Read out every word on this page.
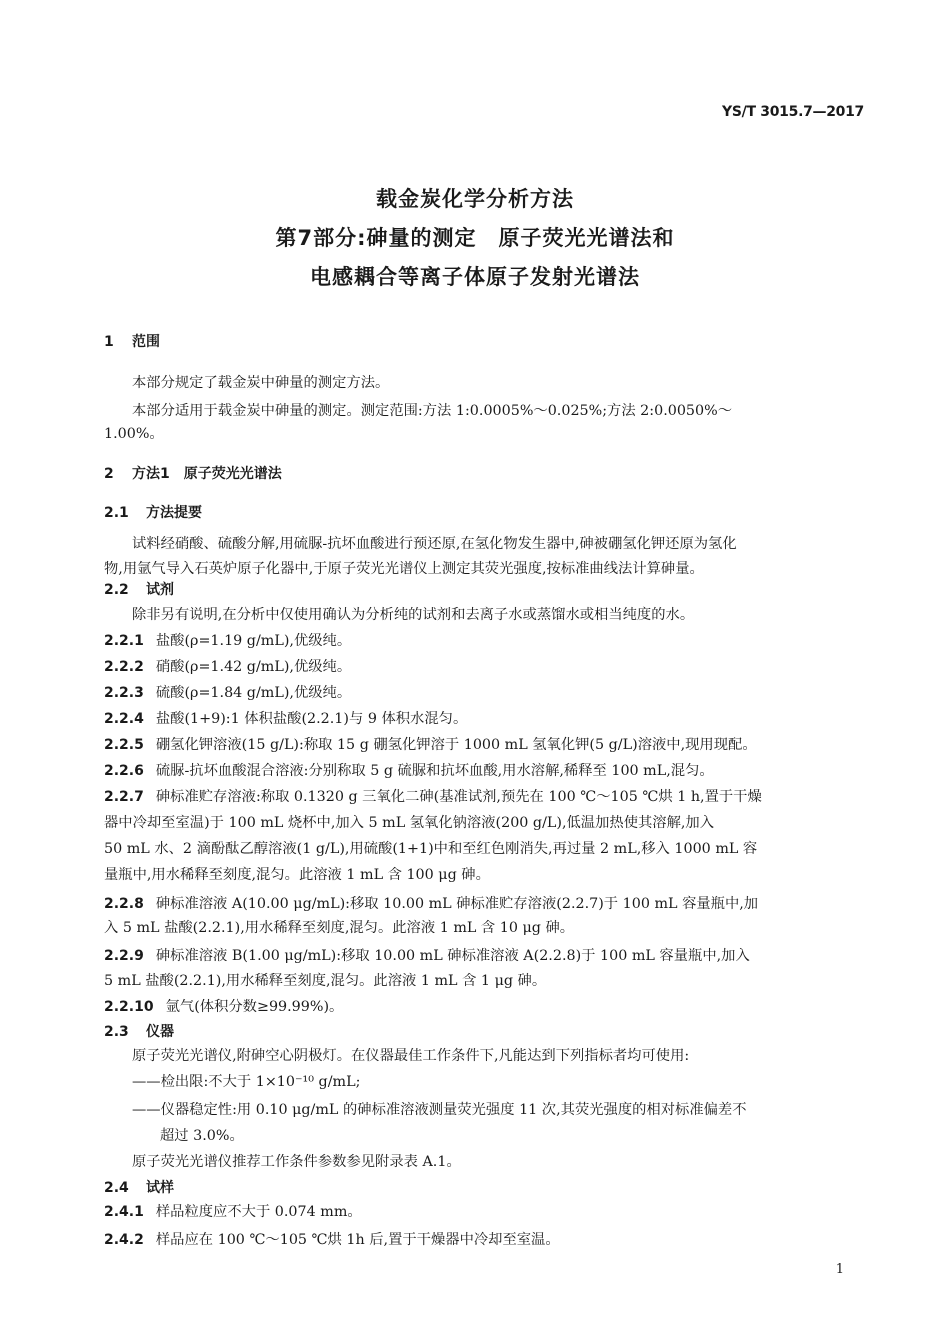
YS/T 3015.7—2017
载金炭化学分析方法
第7部分:砷量的测定　原子荧光光谱法和
电感耦合等离子体原子发射光谱法
1 范围
本部分规定了载金炭中砷量的测定方法。
本部分适用于载金炭中砷量的测定。测定范围:方法 1:0.0005%～0.025%;方法 2:0.0050%～
1.00%。
2 方法1　原子荧光光谱法
2.1 方法提要
试料经硝酸、硫酸分解,用硫脲-抗坏血酸进行预还原,在氢化物发生器中,砷被硼氢化钾还原为氢化
物,用氩气导入石英炉原子化器中,于原子荧光光谱仪上测定其荧光强度,按标准曲线法计算砷量。
2.2 试剂
除非另有说明,在分析中仅使用确认为分析纯的试剂和去离子水或蒸馏水或相当纯度的水。
2.2.1 盐酸(ρ=1.19 g/mL),优级纯。
2.2.2 硝酸(ρ=1.42 g/mL),优级纯。
2.2.3 硫酸(ρ=1.84 g/mL),优级纯。
2.2.4 盐酸(1+9):1 体积盐酸(2.2.1)与 9 体积水混匀。
2.2.5 硼氢化钾溶液(15 g/L):称取 15 g 硼氢化钾溶于 1000 mL 氢氧化钾(5 g/L)溶液中,现用现配。
2.2.6 硫脲-抗坏血酸混合溶液:分别称取 5 g 硫脲和抗坏血酸,用水溶解,稀释至 100 mL,混匀。
2.2.7 砷标准贮存溶液:称取 0.1320 g 三氧化二砷(基准试剂,预先在 100 ℃～105 ℃烘 1 h,置于干燥
器中冷却至室温)于 100 mL 烧杯中,加入 5 mL 氢氧化钠溶液(200 g/L),低温加热使其溶解,加入
50 mL 水、2 滴酚酞乙醇溶液(1 g/L),用硫酸(1+1)中和至红色刚消失,再过量 2 mL,移入 1000 mL 容
量瓶中,用水稀释至刻度,混匀。此溶液 1 mL 含 100 μg 砷。
2.2.8 砷标准溶液 A(10.00 μg/mL):移取 10.00 mL 砷标准贮存溶液(2.2.7)于 100 mL 容量瓶中,加
入 5 mL 盐酸(2.2.1),用水稀释至刻度,混匀。此溶液 1 mL 含 10 μg 砷。
2.2.9 砷标准溶液 B(1.00 μg/mL):移取 10.00 mL 砷标准溶液 A(2.2.8)于 100 mL 容量瓶中,加入
5 mL 盐酸(2.2.1),用水稀释至刻度,混匀。此溶液 1 mL 含 1 μg 砷。
2.2.10 氩气(体积分数≥99.99%)。
2.3 仪器
原子荧光光谱仪,附砷空心阴极灯。在仪器最佳工作条件下,凡能达到下列指标者均可使用:
——检出限:不大于 1×10⁻¹⁰ g/mL;
——仪器稳定性:用 0.10 μg/mL 的砷标准溶液测量荧光强度 11 次,其荧光强度的相对标准偏差不
超过 3.0%。
原子荧光光谱仪推荐工作条件参数参见附录表 A.1。
2.4 试样
2.4.1 样品粒度应不大于 0.074 mm。
2.4.2 样品应在 100 ℃～105 ℃烘 1h 后,置于干燥器中冷却至室温。
1
